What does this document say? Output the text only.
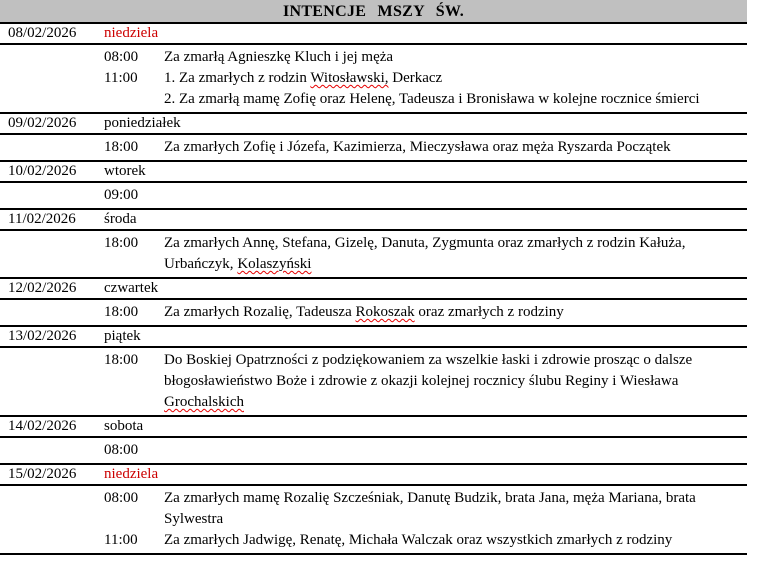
INTENCJE MSZY ŚW.
08/02/2026	niedziela
08:00	Za zmarłą Agnieszkę Kluch i jej męża
11:00	1. Za zmarłych z rodzin Witosławski, Derkacz
2. Za zmarłą mamę Zofię oraz Helenę, Tadeusza i Bronisława w kolejne rocznice śmierci
09/02/2026	poniedziałek
18:00	Za zmarłych Zofię i Józefa, Kazimierza, Mieczysława oraz męża Ryszarda Początek
10/02/2026	wtorek
09:00
11/02/2026	środa
18:00	Za zmarłych Annę, Stefana, Gizelę, Danuta, Zygmunta oraz zmarłych z rodzin Kałuża,
Urbańczyk, Kolaszyński
12/02/2026	czwartek
18:00	Za zmarłych Rozalię, Tadeusza Rokoszak oraz zmarłych z rodziny
13/02/2026	piątek
18:00	Do Boskiej Opatrzności z podziękowaniem za wszelkie łaski i zdrowie prosząc o dalsze
błogosławieństwo Boże i zdrowie z okazji kolejnej rocznicy ślubu Reginy i Wiesława
Grochalskich
14/02/2026	sobota
08:00
15/02/2026	niedziela
08:00	Za zmarłych mamę Rozalię Szcześniak, Danutę Budzik, brata Jana, męża Mariana, brata
Sylwestra
11:00	Za zmarłych Jadwigę, Renatę, Michała Walczak oraz wszystkich zmarłych z rodziny
